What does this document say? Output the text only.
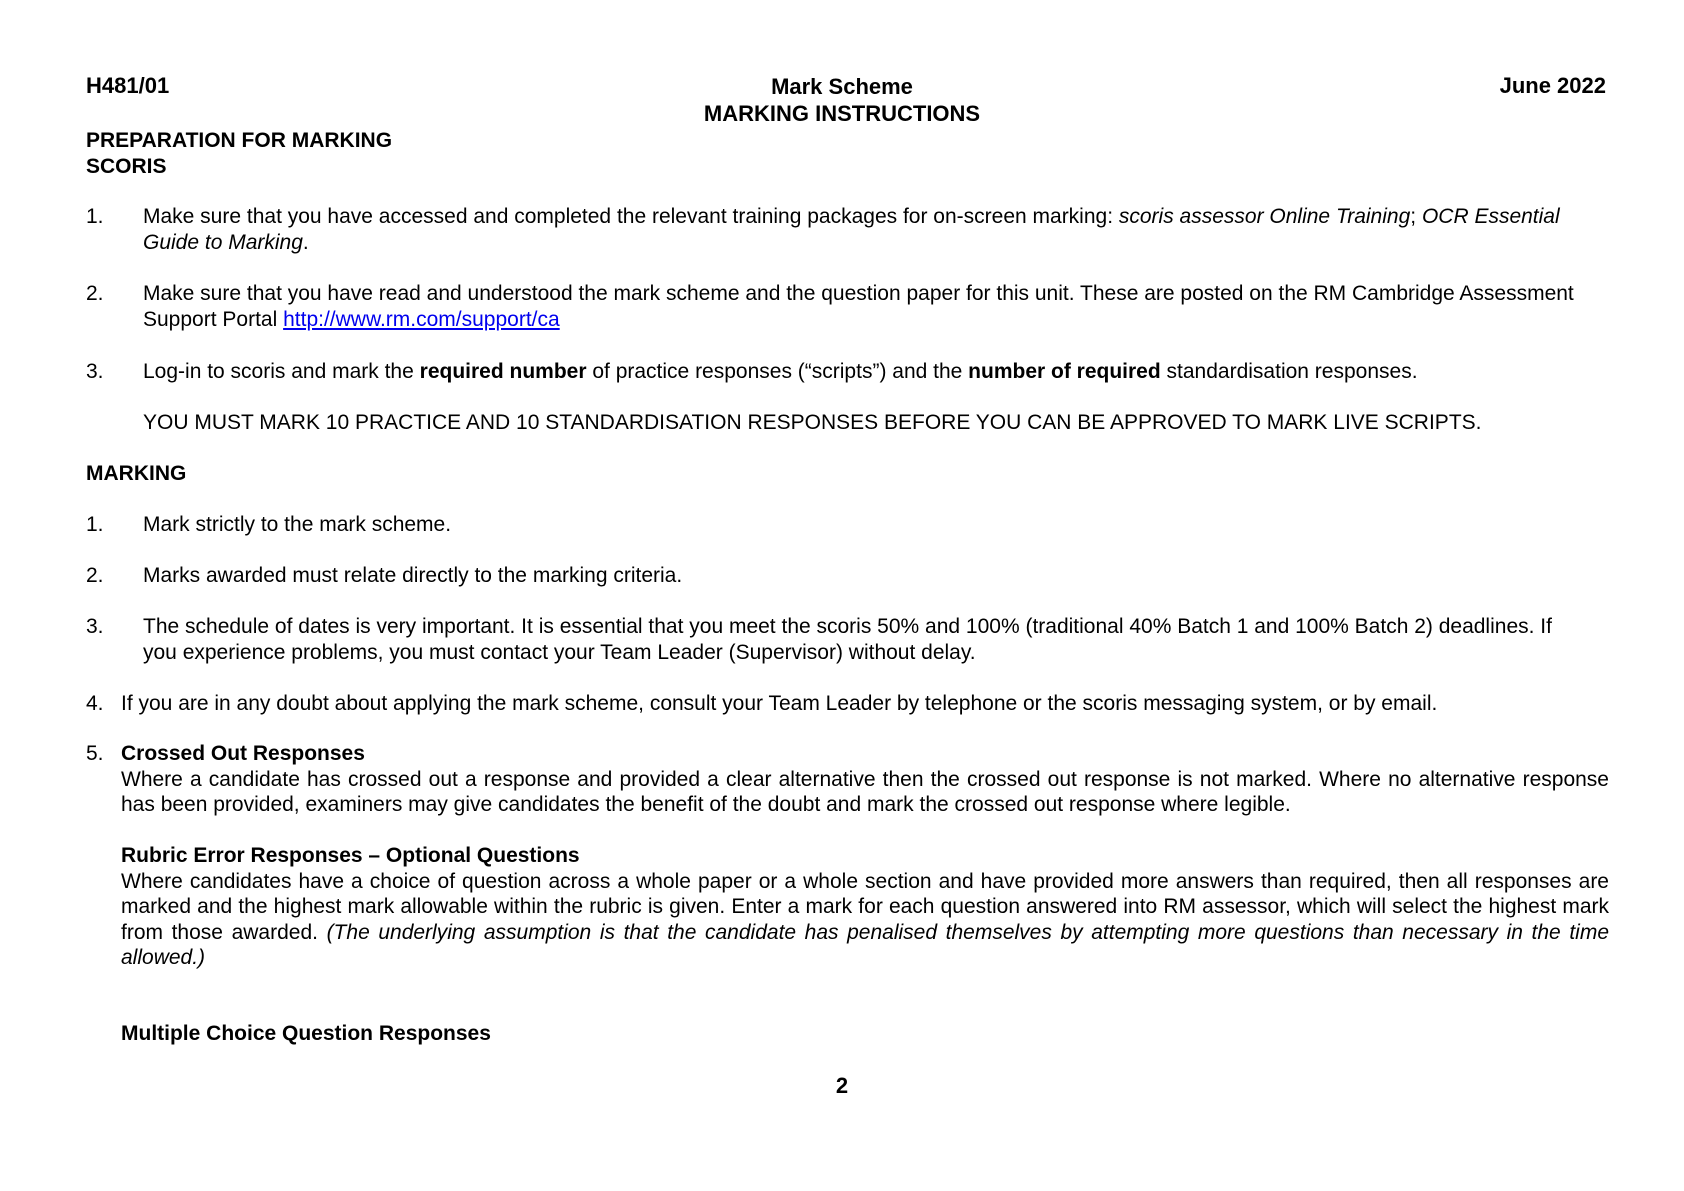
H481/01	Mark Scheme
MARKING INSTRUCTIONS
June 2022
PREPARATION FOR MARKING
SCORIS
1. Make sure that you have accessed and completed the relevant training packages for on-screen marking: scoris assessor Online Training; OCR Essential Guide to Marking.
2. Make sure that you have read and understood the mark scheme and the question paper for this unit. These are posted on the RM Cambridge Assessment Support Portal http://www.rm.com/support/ca
3. Log-in to scoris and mark the required number of practice responses (“scripts”) and the number of required standardisation responses.
YOU MUST MARK 10 PRACTICE AND 10 STANDARDISATION RESPONSES BEFORE YOU CAN BE APPROVED TO MARK LIVE SCRIPTS.
MARKING
1. Mark strictly to the mark scheme.
2. Marks awarded must relate directly to the marking criteria.
3. The schedule of dates is very important. It is essential that you meet the scoris 50% and 100% (traditional 40% Batch 1 and 100% Batch 2) deadlines. If you experience problems, you must contact your Team Leader (Supervisor) without delay.
4. If you are in any doubt about applying the mark scheme, consult your Team Leader by telephone or the scoris messaging system, or by email.
5. Crossed Out Responses
Where a candidate has crossed out a response and provided a clear alternative then the crossed out response is not marked. Where no alternative response has been provided, examiners may give candidates the benefit of the doubt and mark the crossed out response where legible.
Rubric Error Responses – Optional Questions
Where candidates have a choice of question across a whole paper or a whole section and have provided more answers than required, then all responses are marked and the highest mark allowable within the rubric is given. Enter a mark for each question answered into RM assessor, which will select the highest mark from those awarded. (The underlying assumption is that the candidate has penalised themselves by attempting more questions than necessary in the time allowed.)
Multiple Choice Question Responses
2
